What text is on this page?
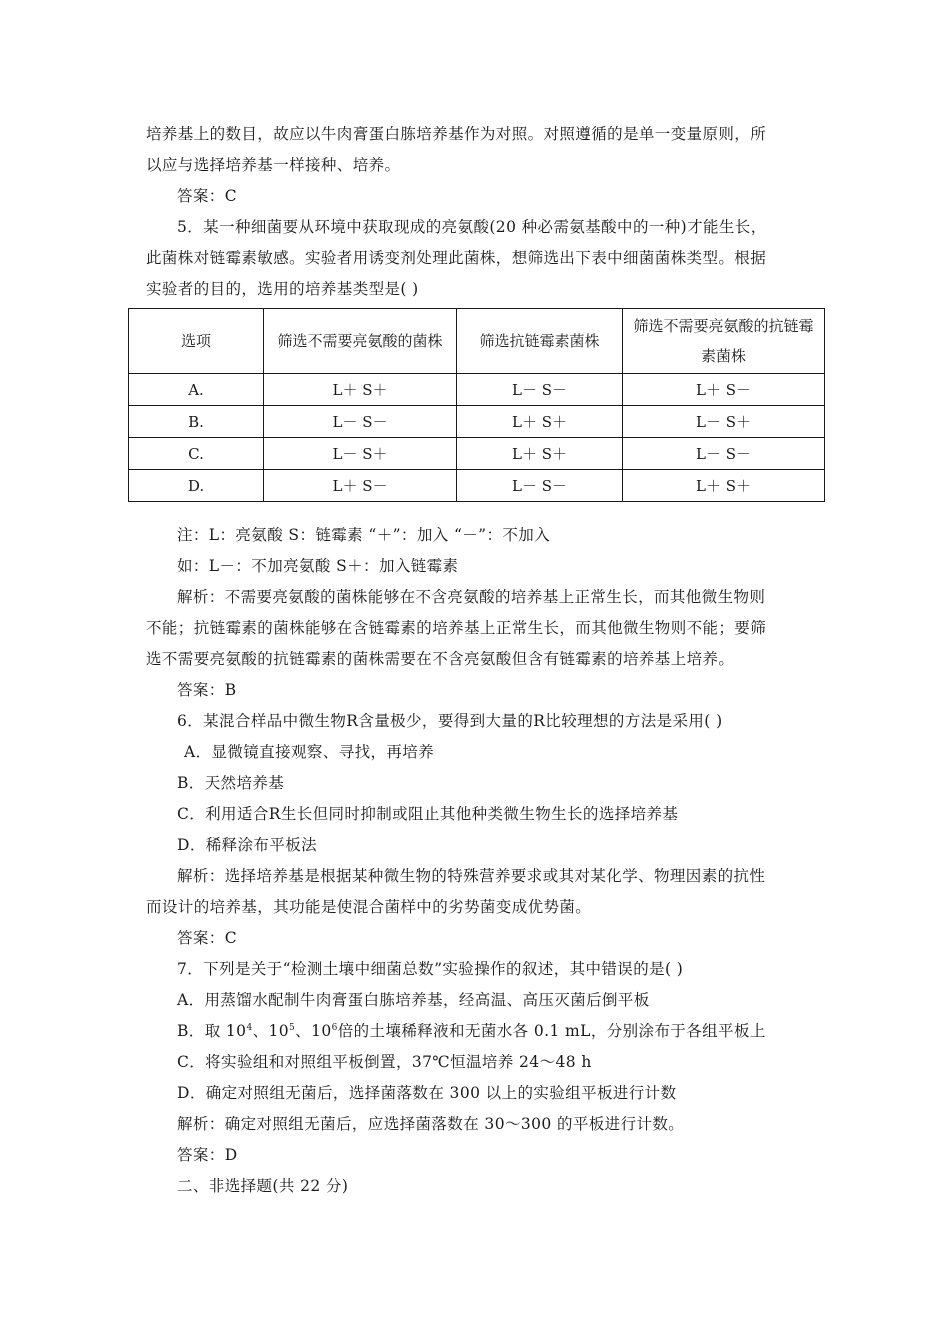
培养基上的数目，故应以牛肉膏蛋白胨培养基作为对照。对照遵循的是单一变量原则，所
以应与选择培养基一样接种、培养。
答案：C
5．某一种细菌要从环境中获取现成的亮氨酸(20 种必需氨基酸中的一种)才能生长，
此菌株对链霉素敏感。实验者用诱变剂处理此菌株，想筛选出下表中细菌菌株类型。根据
实验者的目的，选用的培养基类型是( )
选项	筛选不需要亮氨酸的菌株	筛选抗链霉素菌株	筛选不需要亮氨酸的抗链霉素菌株
A.	L＋ S＋	L－ S－	L＋ S－
B.	L－ S－	L＋ S＋	L－ S＋
C.	L－ S＋	L＋ S＋	L－ S－
D.	L＋ S－	L－ S－	L＋ S＋
注：L：亮氨酸 S：链霉素 “＋”：加入 “－”：不加入
如：L－：不加亮氨酸 S＋：加入链霉素
解析：不需要亮氨酸的菌株能够在不含亮氨酸的培养基上正常生长，而其他微生物则
不能；抗链霉素的菌株能够在含链霉素的培养基上正常生长，而其他微生物则不能；要筛
选不需要亮氨酸的抗链霉素的菌株需要在不含亮氨酸但含有链霉素的培养基上培养。
答案：B
6．某混合样品中微生物R含量极少，要得到大量的R比较理想的方法是采用( )
A．显微镜直接观察、寻找，再培养
B．天然培养基
C．利用适合R生长但同时抑制或阻止其他种类微生物生长的选择培养基
D．稀释涂布平板法
解析：选择培养基是根据某种微生物的特殊营养要求或其对某化学、物理因素的抗性
而设计的培养基，其功能是使混合菌样中的劣势菌变成优势菌。
答案：C
7．下列是关于“检测土壤中细菌总数”实验操作的叙述，其中错误的是( )
A．用蒸馏水配制牛肉膏蛋白胨培养基，经高温、高压灭菌后倒平板
B．取 $10^4$、$10^5$、$10^6$倍的土壤稀释液和无菌水各 0.1 mL，分别涂布于各组平板上
C．将实验组和对照组平板倒置，37℃恒温培养 24～48 h
D．确定对照组无菌后，选择菌落数在 300 以上的实验组平板进行计数
解析：确定对照组无菌后，应选择菌落数在 30～300 的平板进行计数。
答案：D
二、非选择题(共 22 分)
